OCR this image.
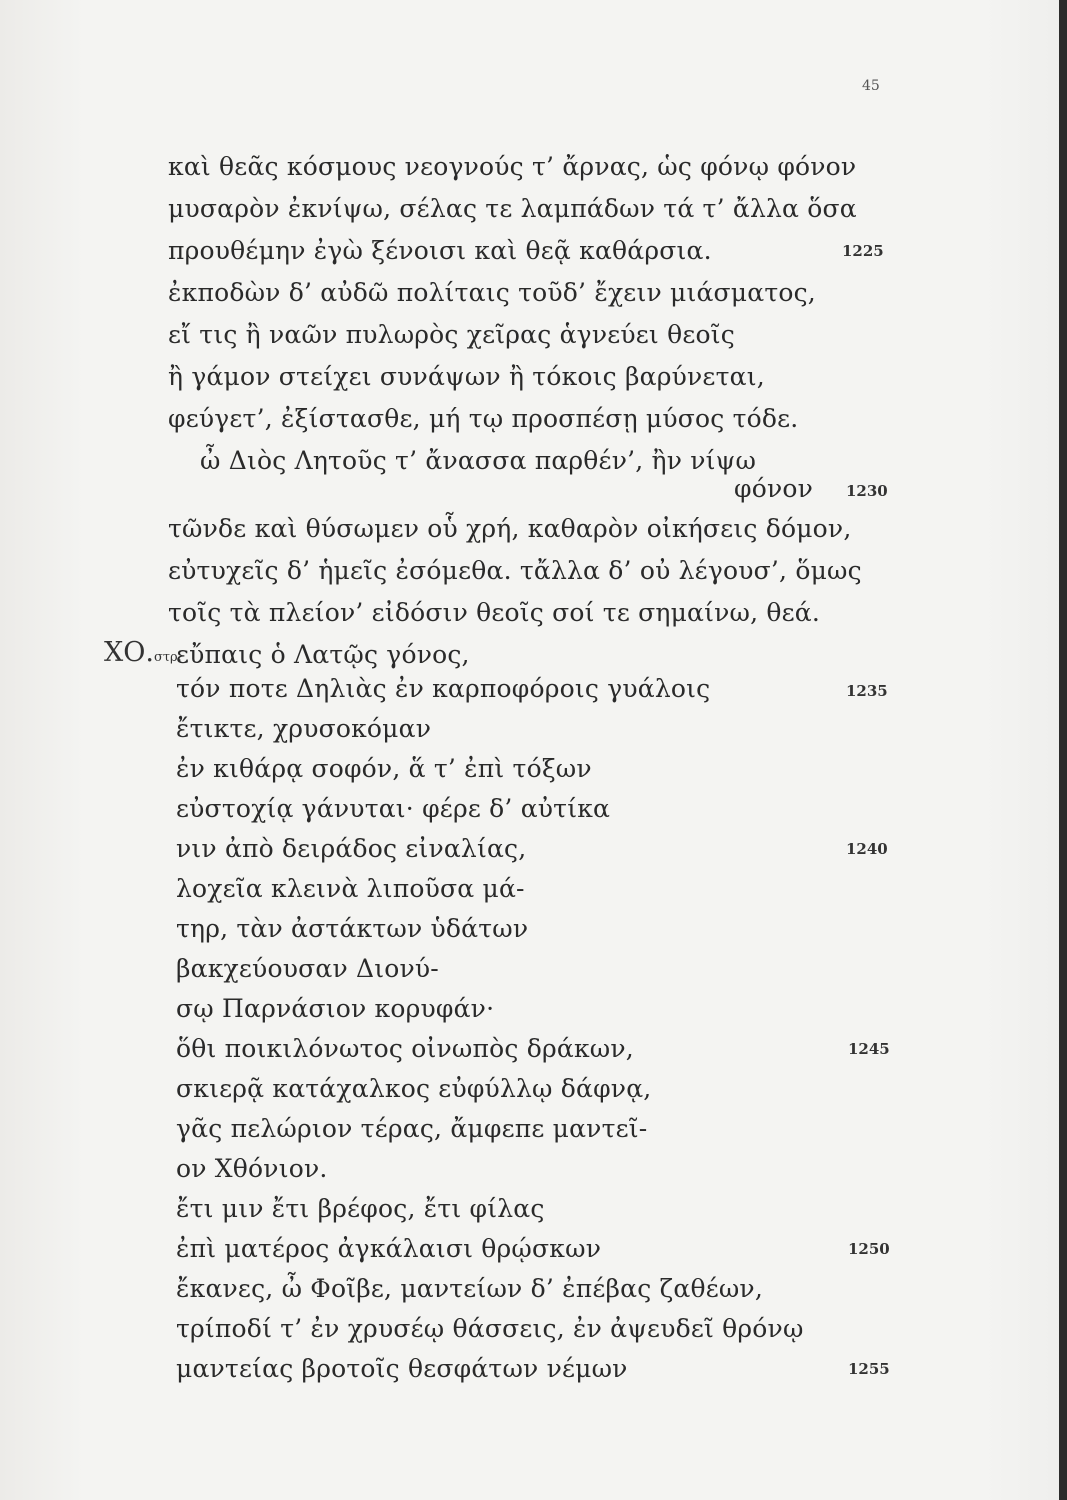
45
καὶ θεᾶς κόσμους νεογνούς τ’ ἄρνας, ὡς φόνῳ φόνον
μυσαρὸν ἐκνίψω, σέλας τε λαμπάδων τά τ’ ἄλλα ὅσα
προυθέμην ἐγὼ ξένοισι καὶ θεᾷ καθάρσια.	1225
ἐκποδὼν δ’ αὐδῶ πολίταις τοῦδ’ ἔχειν μιάσματος,
εἴ τις ἢ ναῶν πυλωρὸς χεῖρας ἁγνεύει θεοῖς
ἢ γάμον στείχει συνάψων ἢ τόκοις βαρύνεται,
φεύγετ’, ἐξίστασθε, μή τῳ προσπέσῃ μύσος τόδε.
ὦ Διὸς Λητοῦς τ’ ἄνασσα παρθέν’, ἢν νίψω
φόνον 1230
τῶνδε καὶ θύσωμεν οὗ χρή, καθαρὸν οἰκήσεις δόμον,
εὐτυχεῖς δ’ ἡμεῖς ἐσόμεθα. τἄλλα δ’ οὐ λέγουσ’, ὅμως
τοῖς τὰ πλείον’ εἰδόσιν θεοῖς σοί τε σημαίνω, θεά.
ΧΟ.στρ.
εὔπαις ὁ Λατῷς γόνος,
τόν ποτε Δηλιὰς ἐν καρποφόροις γυάλοις	1235
ἔτικτε, χρυσοκόμαν
ἐν κιθάρᾳ σοφόν, ἅ τ’ ἐπὶ τόξων
εὐστοχίᾳ γάνυται· φέρε δ’ αὐτίκα
νιν ἀπὸ δειράδος εἰναλίας,	1240
λοχεῖα κλεινὰ λιποῦσα μά-
τηρ, τὰν ἀστάκτων ὑδάτων
βακχεύουσαν Διονύ-
σῳ Παρνάσιον κορυφάν·
ὅθι ποικιλόνωτος οἰνωπὸς δράκων,	1245
σκιερᾷ κατάχαλκος εὐφύλλῳ δάφνᾳ,
γᾶς πελώριον τέρας, ἄμφεπε μαντεῖ-
ον Χθόνιον.
ἔτι μιν ἔτι βρέφος, ἔτι φίλας
ἐπὶ ματέρος ἀγκάλαισι θρῴσκων	1250
ἔκανες, ὦ Φοῖβε, μαντείων δ’ ἐπέβας ζαθέων,
τρίποδί τ’ ἐν χρυσέῳ θάσσεις, ἐν ἀψευδεῖ θρόνῳ
μαντείας βροτοῖς θεσφάτων νέμων	1255
